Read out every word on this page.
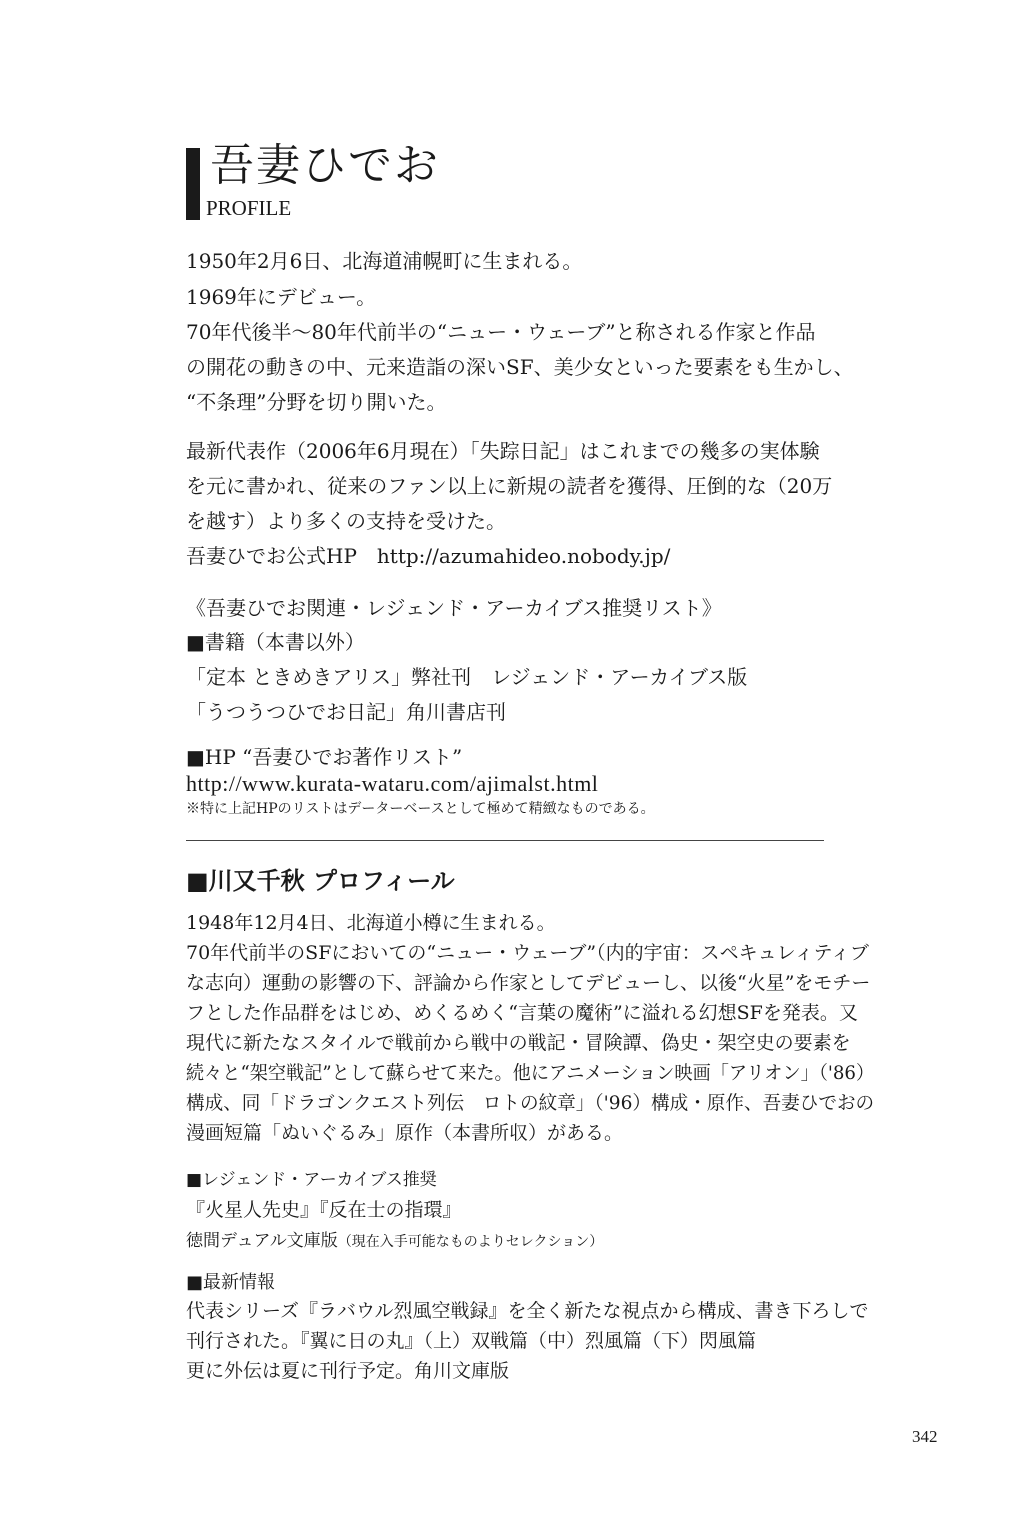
吾妻ひでお
PROFILE
1950年2月6日、北海道浦幌町に生まれる。
1969年にデビュー。
70年代後半～80年代前半の“ニュー・ウェーブ”と称される作家と作品
の開花の動きの中、元来造詣の深いSF、美少女といった要素をも生かし、
“不条理”分野を切り開いた。
最新代表作（2006年6月現在）「失踪日記」はこれまでの幾多の実体験
を元に書かれ、従来のファン以上に新規の読者を獲得、圧倒的な（20万
を越す）より多くの支持を受けた。
吾妻ひでお公式HP　http://azumahideo.nobody.jp/
《吾妻ひでお関連・レジェンド・アーカイブス推奨リスト》
■書籍（本書以外）
「定本 ときめきアリス」弊社刊　レジェンド・アーカイブス版
「うつうつひでお日記」角川書店刊
■HP “吾妻ひでお著作リスト”
http://www.kurata-wataru.com/ajimalst.html
※特に上記HPのリストはデーターベースとして極めて精緻なものである。
■川又千秋 プロフィール
1948年12月4日、北海道小樽に生まれる。
70年代前半のSFにおいての“ニュー・ウェーブ”（内的宇宙：スペキュレィティブ
な志向）運動の影響の下、評論から作家としてデビューし、以後“火星”をモチー
フとした作品群をはじめ、めくるめく“言葉の魔術”に溢れる幻想SFを発表。又
現代に新たなスタイルで戦前から戦中の戦記・冒険譚、偽史・架空史の要素を
続々と“架空戦記”として蘇らせて来た。他にアニメーション映画「アリオン」（'86）
構成、同「ドラゴンクエスト列伝　ロトの紋章」（'96）構成・原作、吾妻ひでおの
漫画短篇「ぬいぐるみ」原作（本書所収）がある。
■レジェンド・アーカイブス推奨
『火星人先史』『反在士の指環』
徳間デュアル文庫版（現在入手可能なものよりセレクション）
■最新情報
代表シリーズ『ラバウル烈風空戦録』を全く新たな視点から構成、書き下ろしで
刊行された。『翼に日の丸』（上）双戦篇（中）烈風篇（下）閃風篇
更に外伝は夏に刊行予定。角川文庫版
342
